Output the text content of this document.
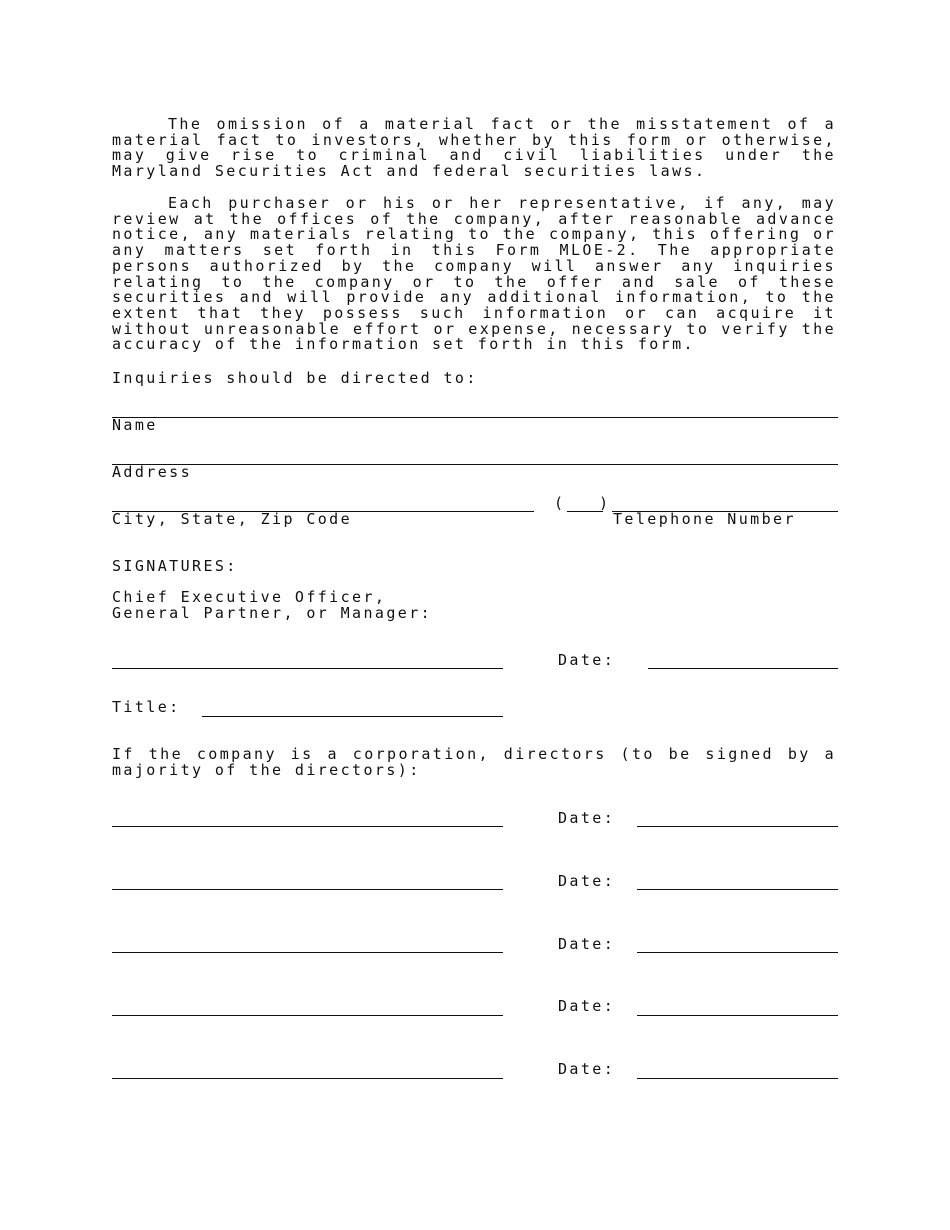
The omission of a material fact or the misstatement of a material fact to investors, whether by this form or otherwise, may give rise to criminal and civil liabilities under the Maryland Securities Act and federal securities laws.

Each purchaser or his or her representative, if any, may review at the offices of the company, after reasonable advance notice, any materials relating to the company, this offering or any matters set forth in this Form MLOE-2. The appropriate persons authorized by the company will answer any inquiries relating to the company or to the offer and sale of these securities and will provide any additional information, to the extent that they possess such information or can acquire it without unreasonable effort or expense, necessary to verify the accuracy of the information set forth in this form.

Inquiries should be directed to:
Name
Address
City, State, Zip Code
( )
Telephone Number
SIGNATURES:
Chief Executive Officer,
General Partner, or Manager:
Date:
Title:

If the company is a corporation, directors (to be signed by a majority of the directors):

Date:
Date:
Date:
Date:
Date:
